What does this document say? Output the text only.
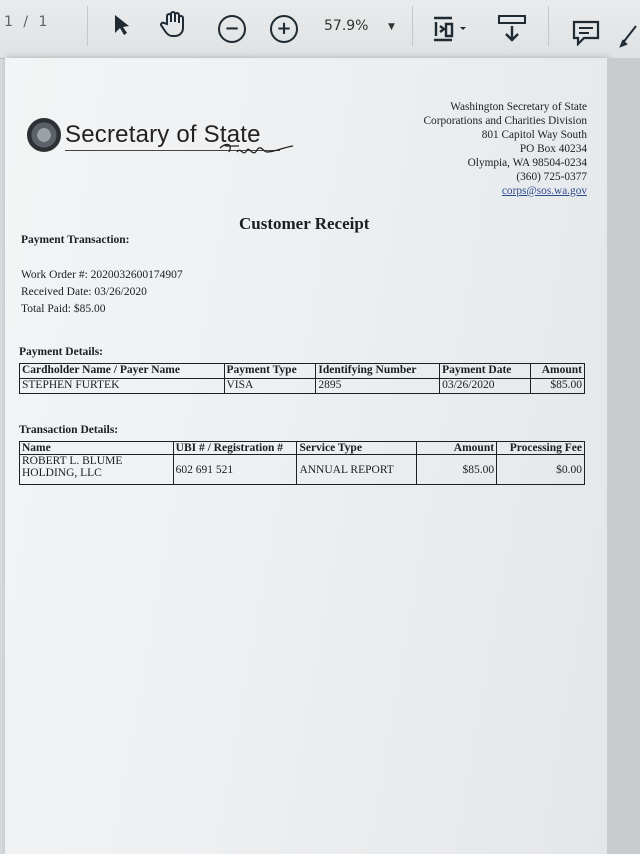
1 / 1	−	+	57.9% ▼
Secretary of State
Washington Secretary of State
Corporations and Charities Division
801 Capitol Way South
PO Box 40234
Olympia, WA 98504-0234
(360) 725-0377
corps@sos.wa.gov
Customer Receipt
Payment Transaction:
Work Order #: 2020032600174907
Received Date: 03/26/2020
Total Paid: $85.00
Payment Details:
Cardholder Name / Payer Name	Payment Type	Identifying Number	Payment Date	Amount
STEPHEN FURTEK	VISA	2895	03/26/2020	$85.00
Transaction Details:
Name	UBI # / Registration #	Service Type	Amount	Processing Fee
ROBERT L. BLUME HOLDING, LLC	602 691 521	ANNUAL REPORT	$85.00	$0.00
